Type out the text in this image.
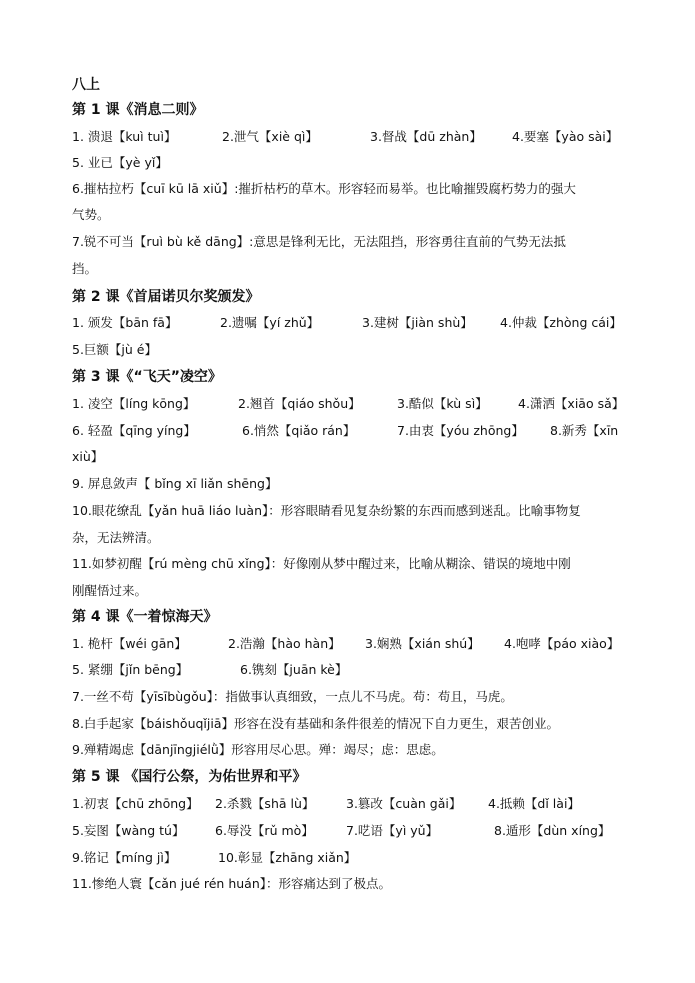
八上
第 1 课《消息二则》
1. 溃退【kuì tuì】	2.泄气【xiè qì】	3.督战【dū zhàn】 4.要塞【yào sài】
5. 业已【yè yǐ】
6.摧枯拉朽【cuī kū lā xiǔ】:摧折枯朽的草木。形容轻而易举。也比喻摧毁腐朽势力的强大
气势。
7.锐不可当【ruì bù kě dāng】:意思是锋利无比，无法阻挡，形容勇往直前的气势无法抵
挡。
第 2 课《首届诺贝尔奖颁发》
1. 颁发【bān fā】	2.遗嘱【yí zhǔ】	3.建树【jiàn shù】 4.仲裁【zhòng cái】
5.巨额【jù é】
第 3 课《“飞天”凌空》
1. 凌空【líng kōng】	2.翘首【qiáo shǒu】	3.酷似【kù sì】 4.潇洒【xiāo sǎ】
6. 轻盈【qīng yíng】	6.悄然【qiǎo rán】	7.由衷【yóu zhōng】 8.新秀【xīn
xiù】
9. 屏息敛声【 bǐng xī liǎn shēng】
10.眼花缭乱【yǎn huā liáo luàn】：形容眼睛看见复杂纷繁的东西而感到迷乱。比喻事物复
杂，无法辨清。
11.如梦初醒【rú mèng chū xǐng】：好像刚从梦中醒过来，比喻从糊涂、错误的境地中刚
刚醒悟过来。
第 4 课《一着惊海天》
1. 桅杆【wéi gān】	2.浩瀚【hào hàn】 3.娴熟【xián shú】 4.咆哮【páo xiào】
5. 紧绷【jǐn bēng】	6.镌刻【juān kè】
7.一丝不苟【yīsībùgǒu】：指做事认真细致，一点儿不马虎。苟：苟且，马虎。
8.白手起家【báishǒuqǐjiā】形容在没有基础和条件很差的情况下自力更生，艰苦创业。
9.殚精竭虑【dānjīngjiélǜ】形容用尽心思。殚：竭尽；虑：思虑。
第 5 课 《国行公祭，为佑世界和平》
1.初衷【chū zhōng】 2.杀戮【shā lù】	3.篡改【cuàn gǎi】 4.抵赖【dǐ lài】
5.妄图【wàng tú】 6.辱没【rǔ mò】	7.呓语【yì yǔ】	8.遁形【dùn xíng】
9.铭记【míng jì】	10.彰显【zhāng xiǎn】
11.惨绝人寰【cǎn jué rén huán】：形容痛达到了极点。
